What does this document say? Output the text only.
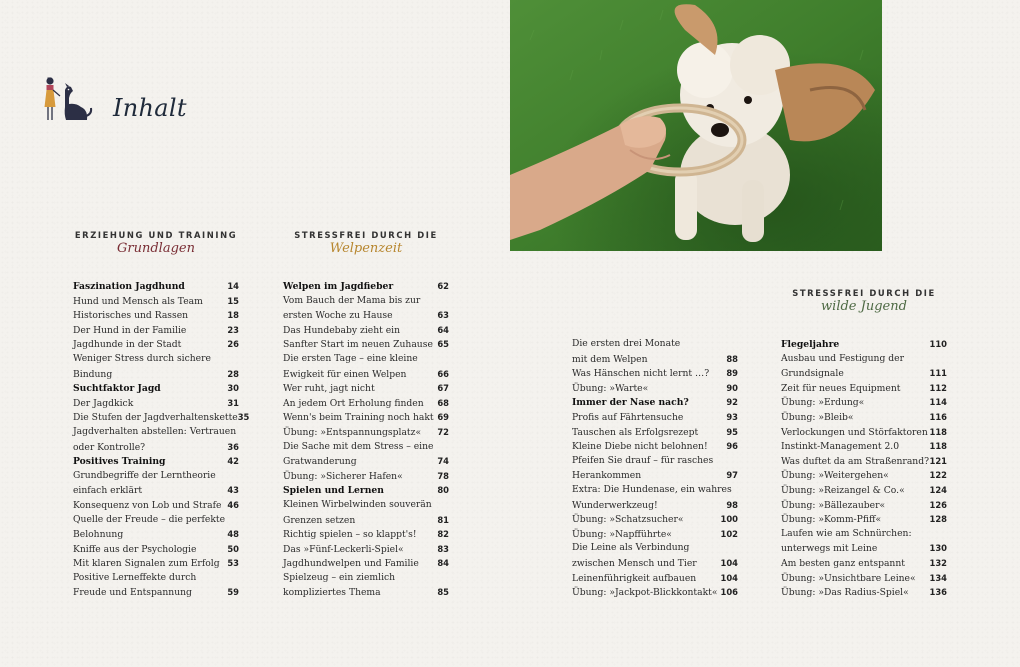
Inhalt
ERZIEHUNG UND TRAINING
Grundlagen
STRESSFREI DURCH DIE
Welpenzeit
STRESSFREI DURCH DIE
wilde Jugend
Faszination Jagdhund	14
Hund und Mensch als Team	15
Historisches und Rassen	18
Der Hund in der Familie	23
Jagdhunde in der Stadt	26
Weniger Stress durch sichere
Bindung	28
Suchtfaktor Jagd	30
Der Jagdkick	31
Die Stufen der Jagdverhaltenskette 35
Jagdverhalten abstellen: Vertrauen
oder Kontrolle?	36
Positives Training	42
Grundbegriffe der Lerntheorie
einfach erklärt	43
Konsequenz von Lob und Strafe 46
Quelle der Freude – die perfekte
Belohnung	48
Kniffe aus der Psychologie	50
Mit klaren Signalen zum Erfolg 53
Positive Lerneffekte durch
Freude und Entspannung	59
Welpen im Jagdfieber	62
Vom Bauch der Mama bis zur
ersten Woche zu Hause	63
Das Hundebaby zieht ein	64
Sanfter Start im neuen Zuhause 65
Die ersten Tage – eine kleine
Ewigkeit für einen Welpen	66
Wer ruht, jagt nicht	67
An jedem Ort Erholung finden 68
Wenn's beim Training noch hakt 69
Übung: »Entspannungsplatz« 72
Die Sache mit dem Stress – eine
Gratwanderung	74
Übung: »Sicherer Hafen«	78
Spielen und Lernen	80
Kleinen Wirbelwinden souverän
Grenzen setzen	81
Richtig spielen – so klappt's! 82
Das »Fünf-Leckerli-Spiel«	83
Jagdhundwelpen und Familie 84
Spielzeug – ein ziemlich
kompliziertes Thema	85
Die ersten drei Monate
mit dem Welpen	88
Was Hänschen nicht lernt …? 89
Übung: »Warte«	90
Immer der Nase nach?	92
Profis auf Fährtensuche	93
Tauschen als Erfolgsrezept	95
Kleine Diebe nicht belohnen! 96
Pfeifen Sie drauf – für rasches
Herankommen	97
Extra: Die Hundenase, ein wahres
Wunderwerkzeug!	98
Übung: »Schatzsucher«	100
Übung: »Napfführte«	102
Die Leine als Verbindung
zwischen Mensch und Tier	104
Leinenführigkeit aufbauen	104
Übung: »Jackpot-Blickkontakt« 106
Flegeljahre	110
Ausbau und Festigung der
Grundsignale	111
Zeit für neues Equipment	112
Übung: »Erdung«	114
Übung: »Bleib«	116
Verlockungen und Störfaktoren 118
Instinkt-Management 2.0	118
Was duftet da am Straßenrand? 121
Übung: »Weitergehen«	122
Übung: »Reizangel & Co.«	124
Übung: »Bällezauber«	126
Übung: »Komm-Pfiff«	128
Laufen wie am Schnürchen:
unterwegs mit Leine	130
Am besten ganz entspannt	132
Übung: »Unsichtbare Leine« 134
Übung: »Das Radius-Spiel« 136
